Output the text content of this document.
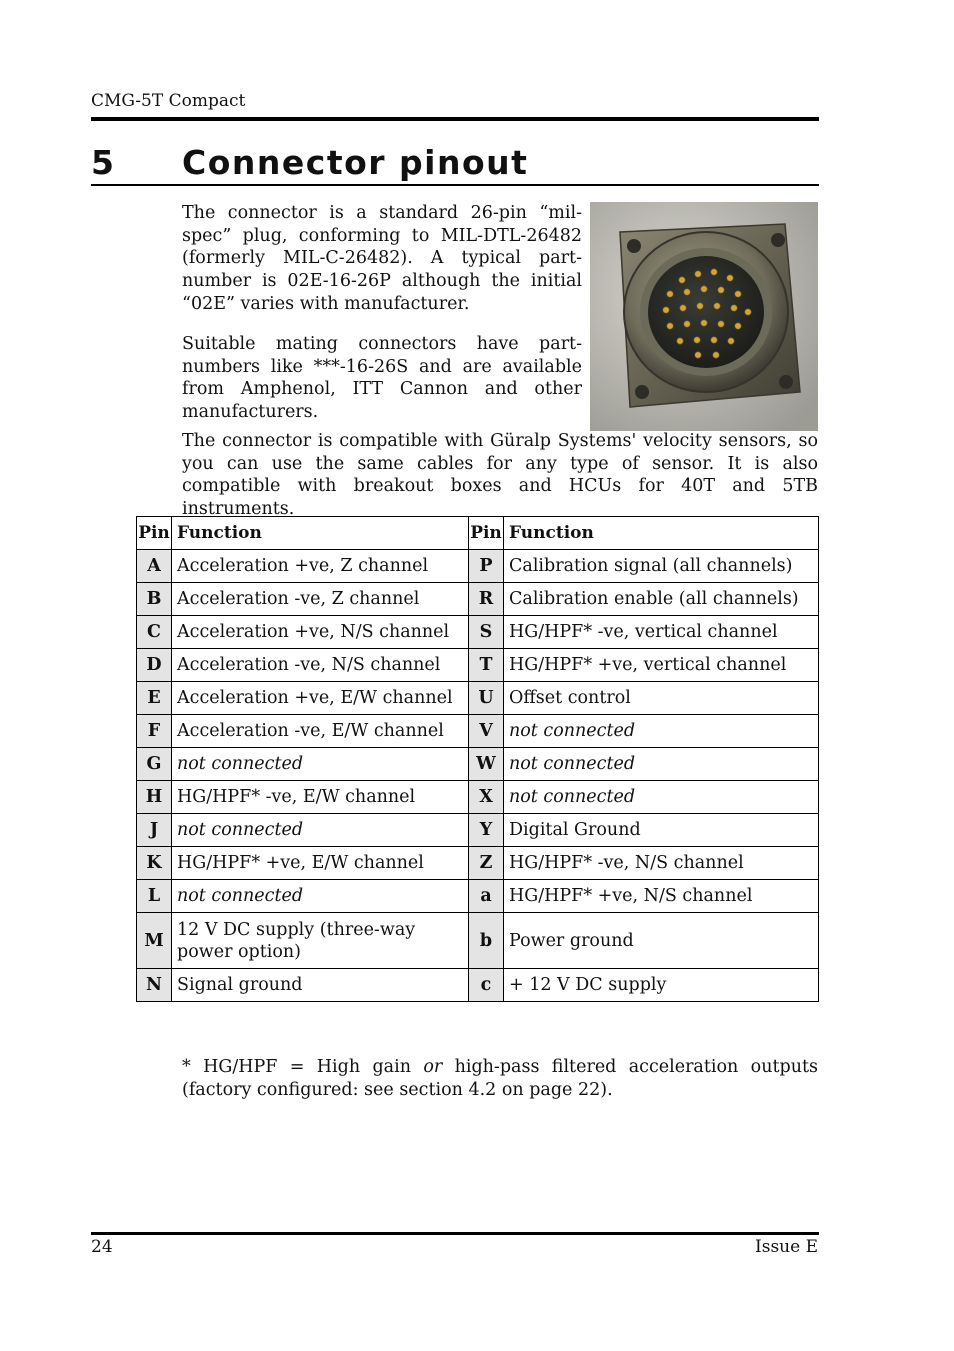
CMG-5T Compact
5 Connector pinout
The connector is a standard 26-pin “mil-spec” plug, conforming to MIL-DTL-26482 (formerly MIL-C-26482). A typical part-number is 02E-16-26P although the initial “02E” varies with manufacturer.
Suitable mating connectors have part-numbers like ***-16-26S and are available from Amphenol, ITT Cannon and other manufacturers.
The connector is compatible with Güralp Systems' velocity sensors, so you can use the same cables for any type of sensor. It is also compatible with breakout boxes and HCUs for 40T and 5TB instruments.
Pin	Function	Pin	Function
A	Acceleration +ve, Z channel	P	Calibration signal (all channels)
B	Acceleration -ve, Z channel	R	Calibration enable (all channels)
C	Acceleration +ve, N/S channel	S	HG/HPF* -ve, vertical channel
D	Acceleration -ve, N/S channel	T	HG/HPF* +ve, vertical channel
E	Acceleration +ve, E/W channel	U	Offset control
F	Acceleration -ve, E/W channel	V	not connected
G	not connected	W	not connected
H	HG/HPF* -ve, E/W channel	X	not connected
J	not connected	Y	Digital Ground
K	HG/HPF* +ve, E/W channel	Z	HG/HPF* -ve, N/S channel
L	not connected	a	HG/HPF* +ve, N/S channel
M	12 V DC supply (three-way power option)	b	Power ground
N	Signal ground	c	+ 12 V DC supply
* HG/HPF = High gain or high-pass filtered acceleration outputs (factory configured: see section 4.2 on page 22).
24	Issue E
